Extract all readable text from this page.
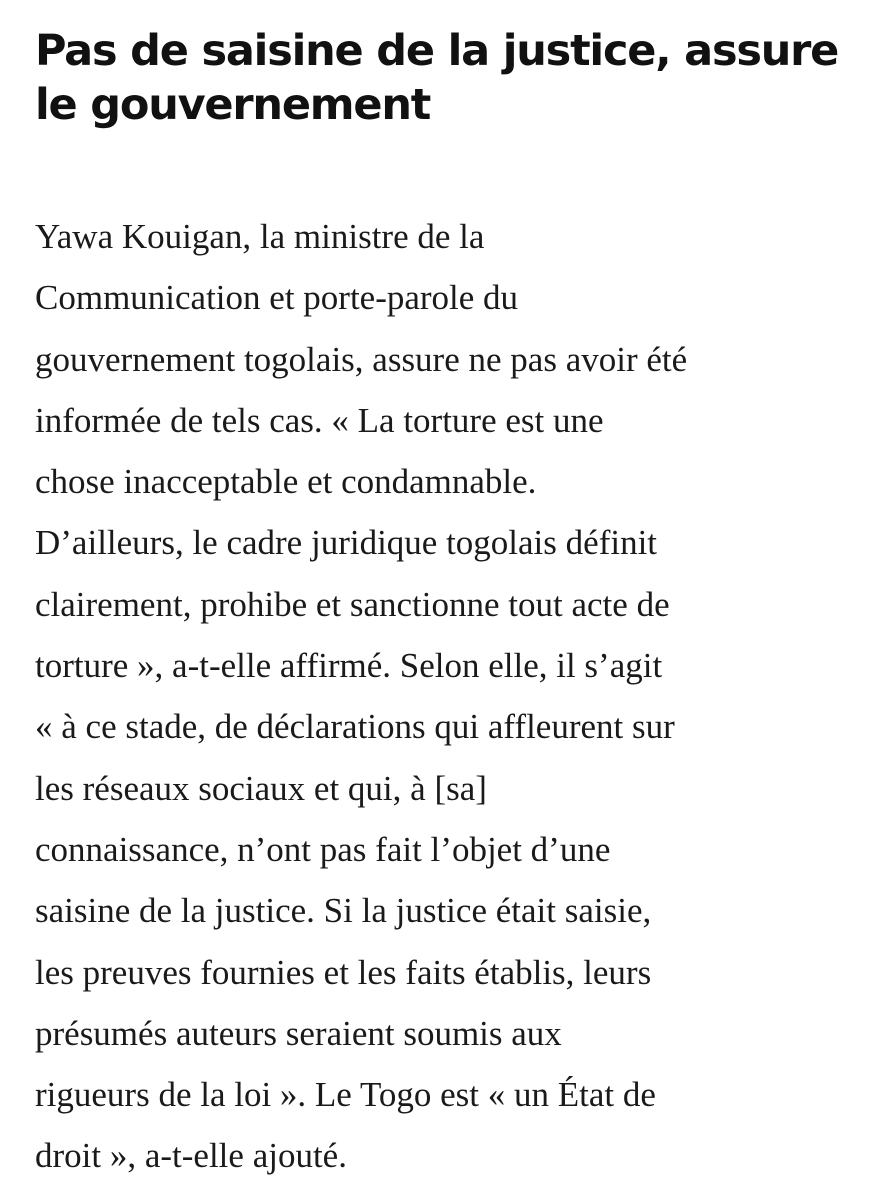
Pas de saisine de la justice, assure
le gouvernement

Yawa Kouigan, la ministre de la
Communication et porte-parole du
gouvernement togolais, assure ne pas avoir été
informée de tels cas. « La torture est une
chose inacceptable et condamnable.
D’ailleurs, le cadre juridique togolais définit
clairement, prohibe et sanctionne tout acte de
torture », a-t-elle affirmé. Selon elle, il s’agit
« à ce stade, de déclarations qui affleurent sur
les réseaux sociaux et qui, à [sa]
connaissance, n’ont pas fait l’objet d’une
saisine de la justice. Si la justice était saisie,
les preuves fournies et les faits établis, leurs
présumés auteurs seraient soumis aux
rigueurs de la loi ». Le Togo est « un État de
droit », a-t-elle ajouté.
